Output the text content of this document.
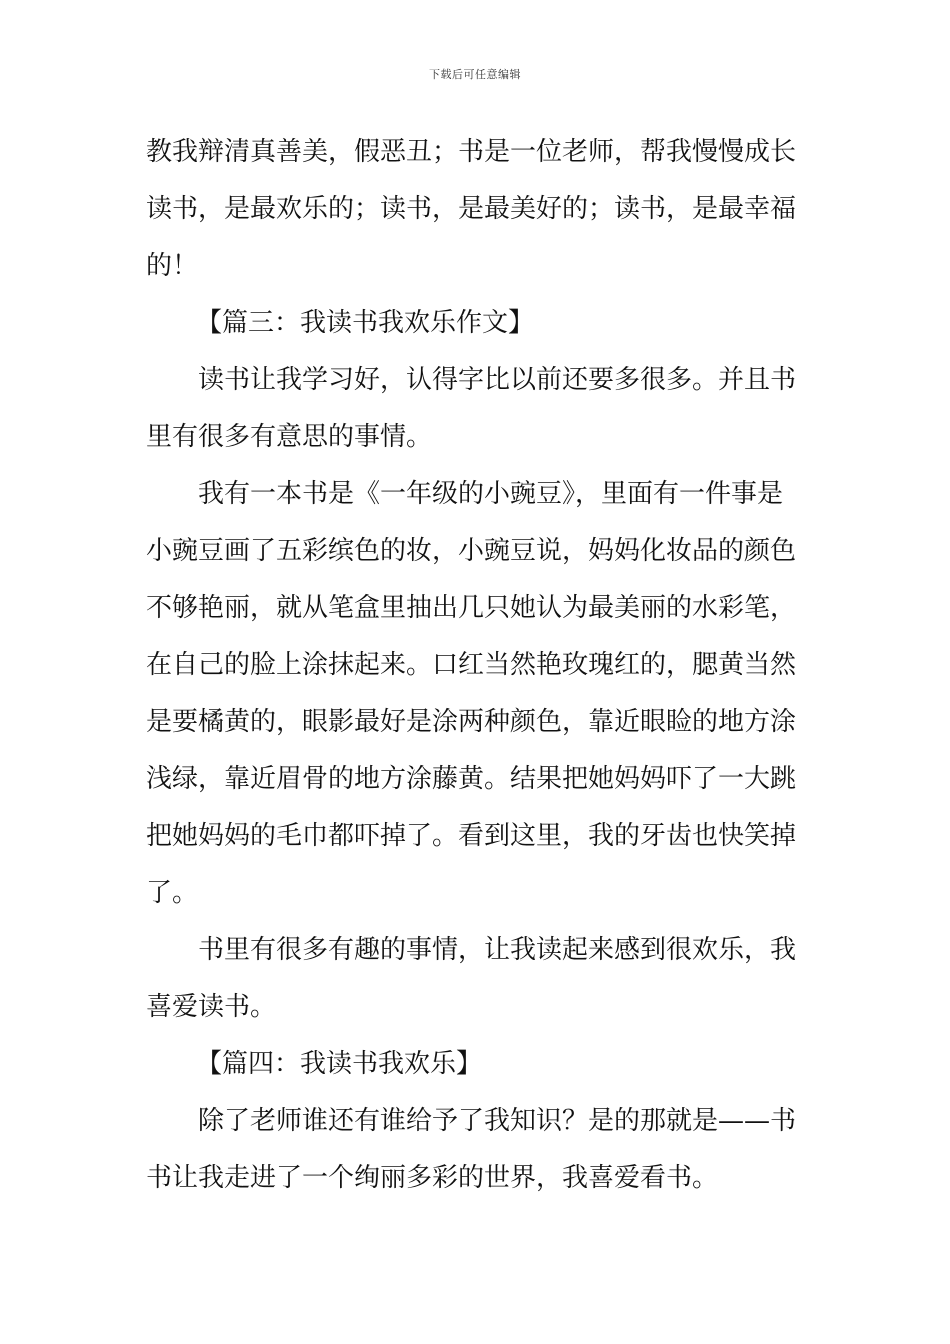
下载后可任意编辑
教我辩清真善美，假恶丑；书是一位老师，帮我慢慢成长
读书，是最欢乐的；读书，是最美好的；读书，是最幸福
的！
【篇三：我读书我欢乐作文】
读书让我学习好，认得字比以前还要多很多。并且书
里有很多有意思的事情。
我有一本书是《一年级的小豌豆》，里面有一件事是
小豌豆画了五彩缤色的妆，小豌豆说，妈妈化妆品的颜色
不够艳丽，就从笔盒里抽出几只她认为最美丽的水彩笔，
在自己的脸上涂抹起来。口红当然艳玫瑰红的，腮黄当然
是要橘黄的，眼影最好是涂两种颜色，靠近眼睑的地方涂
浅绿，靠近眉骨的地方涂藤黄。结果把她妈妈吓了一大跳
把她妈妈的毛巾都吓掉了。看到这里，我的牙齿也快笑掉
了。
书里有很多有趣的事情，让我读起来感到很欢乐，我
喜爱读书。
【篇四：我读书我欢乐】
除了老师谁还有谁给予了我知识？是的那就是——书
书让我走进了一个绚丽多彩的世界，我喜爱看书。
